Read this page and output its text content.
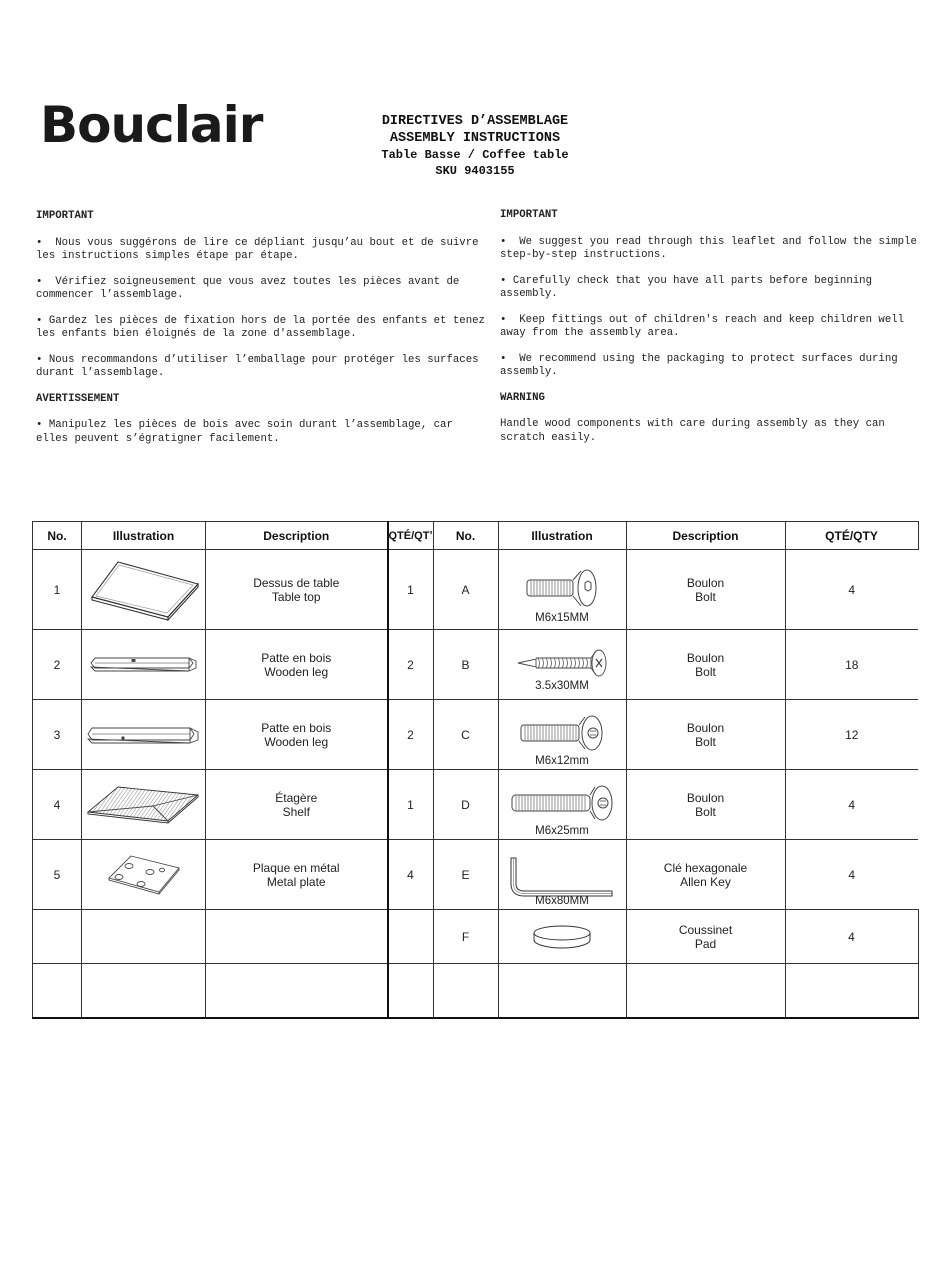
Bouclair	DIRECTIVES D’ASSEMBLAGE
ASSEMBLY INSTRUCTIONS
Table Basse / Coffee table
SKU 9403155
IMPORTANT

•  Nous vous suggérons de lire ce dépliant jusqu’au bout et de suivre les instructions simples étape par étape.

•  Vérifiez soigneusement que vous avez toutes les pièces avant de commencer l’assemblage.

• Gardez les pièces de fixation hors de la portée des enfants et tenez les enfants bien éloignés de la zone d'assemblage.

• Nous recommandons d’utiliser l’emballage pour protéger les surfaces durant l’assemblage.

AVERTISSEMENT

• Manipulez les pièces de bois avec soin durant l’assemblage, car elles peuvent s’égratigner facilement.

IMPORTANT

•  We suggest you read through this leaflet and follow the simple step-by-step instructions.

• Carefully check that you have all parts before beginning assembly.

•  Keep fittings out of children's reach and keep children well away from the assembly area.

•  We recommend using the packaging to protect surfaces during assembly.

WARNING

Handle wood components with care during assembly as they can scratch easily.

No.	Illustration	Description	QTÉ/QTʼ	No.	Illustration	Description	QTÉ/QTY
1		Dessus de table
Table top	1	A	M6x15MM	Boulon
Bolt	4
2		Patte en bois
Wooden leg	2	B	3.5x30MM	Boulon
Bolt	18
3		Patte en bois
Wooden leg	2	C	M6x12mm	Boulon
Bolt	12
4		Étagère
Shelf	1	D	M6x25mm	Boulon
Bolt	4
5		Plaque en métal
Metal plate	4	E	M6x80MM	Clé hexagonale
Allen Key	4
				F		Coussinet
Pad	4
